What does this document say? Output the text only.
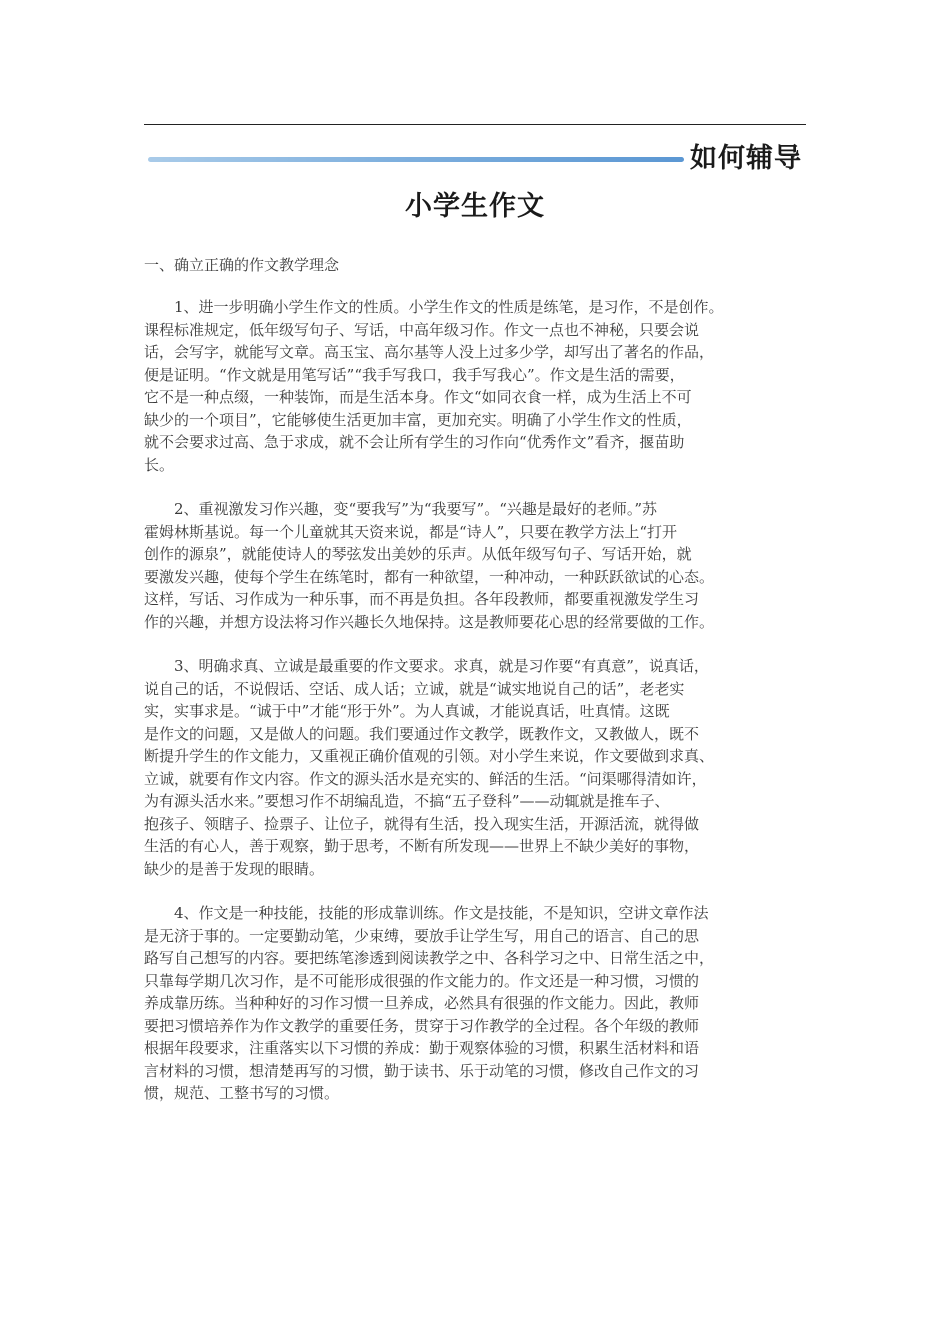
如何辅导
小学生作文
一、确立正确的作文教学理念
1、进一步明确小学生作文的性质。小学生作文的性质是练笔，是习作，不是创作。
课程标准规定，低年级写句子、写话，中高年级习作。作文一点也不神秘，只要会说
话，会写字，就能写文章。高玉宝、高尔基等人没上过多少学，却写出了著名的作品，
便是证明。“作文就是用笔写话”“我手写我口，我手写我心”。作文是生活的需要，
它不是一种点缀，一种装饰，而是生活本身。作文“如同衣食一样，成为生活上不可
缺少的一个项目”，它能够使生活更加丰富，更加充实。明确了小学生作文的性质，
就不会要求过高、急于求成，就不会让所有学生的习作向“优秀作文”看齐，揠苗助
长。
2、重视激发习作兴趣，变“要我写”为“我要写”。“兴趣是最好的老师。”苏
霍姆林斯基说。每一个儿童就其天资来说，都是“诗人”，只要在教学方法上“打开
创作的源泉”，就能使诗人的琴弦发出美妙的乐声。从低年级写句子、写话开始，就
要激发兴趣，使每个学生在练笔时，都有一种欲望，一种冲动，一种跃跃欲试的心态。
这样，写话、习作成为一种乐事，而不再是负担。各年段教师，都要重视激发学生习
作的兴趣，并想方设法将习作兴趣长久地保持。这是教师要花心思的经常要做的工作。
3、明确求真、立诚是最重要的作文要求。求真，就是习作要“有真意”，说真话，
说自己的话，不说假话、空话、成人话；立诚，就是“诚实地说自己的话”，老老实
实，实事求是。“诚于中”才能“形于外”。为人真诚，才能说真话，吐真情。这既
是作文的问题，又是做人的问题。我们要通过作文教学，既教作文，又教做人，既不
断提升学生的作文能力，又重视正确价值观的引领。对小学生来说，作文要做到求真、
立诚，就要有作文内容。作文的源头活水是充实的、鲜活的生活。“问渠哪得清如许，
为有源头活水来。”要想习作不胡编乱造，不搞“五子登科”——动辄就是推车子、
抱孩子、领瞎子、捡票子、让位子，就得有生活，投入现实生活，开源活流，就得做
生活的有心人，善于观察，勤于思考，不断有所发现——世界上不缺少美好的事物，
缺少的是善于发现的眼睛。
4、作文是一种技能，技能的形成靠训练。作文是技能，不是知识，空讲文章作法
是无济于事的。一定要勤动笔，少束缚，要放手让学生写，用自己的语言、自己的思
路写自己想写的内容。要把练笔渗透到阅读教学之中、各科学习之中、日常生活之中，
只靠每学期几次习作，是不可能形成很强的作文能力的。作文还是一种习惯，习惯的
养成靠历练。当种种好的习作习惯一旦养成，必然具有很强的作文能力。因此，教师
要把习惯培养作为作文教学的重要任务，贯穿于习作教学的全过程。各个年级的教师
根据年段要求，注重落实以下习惯的养成：勤于观察体验的习惯，积累生活材料和语
言材料的习惯，想清楚再写的习惯，勤于读书、乐于动笔的习惯，修改自己作文的习
惯，规范、工整书写的习惯。
